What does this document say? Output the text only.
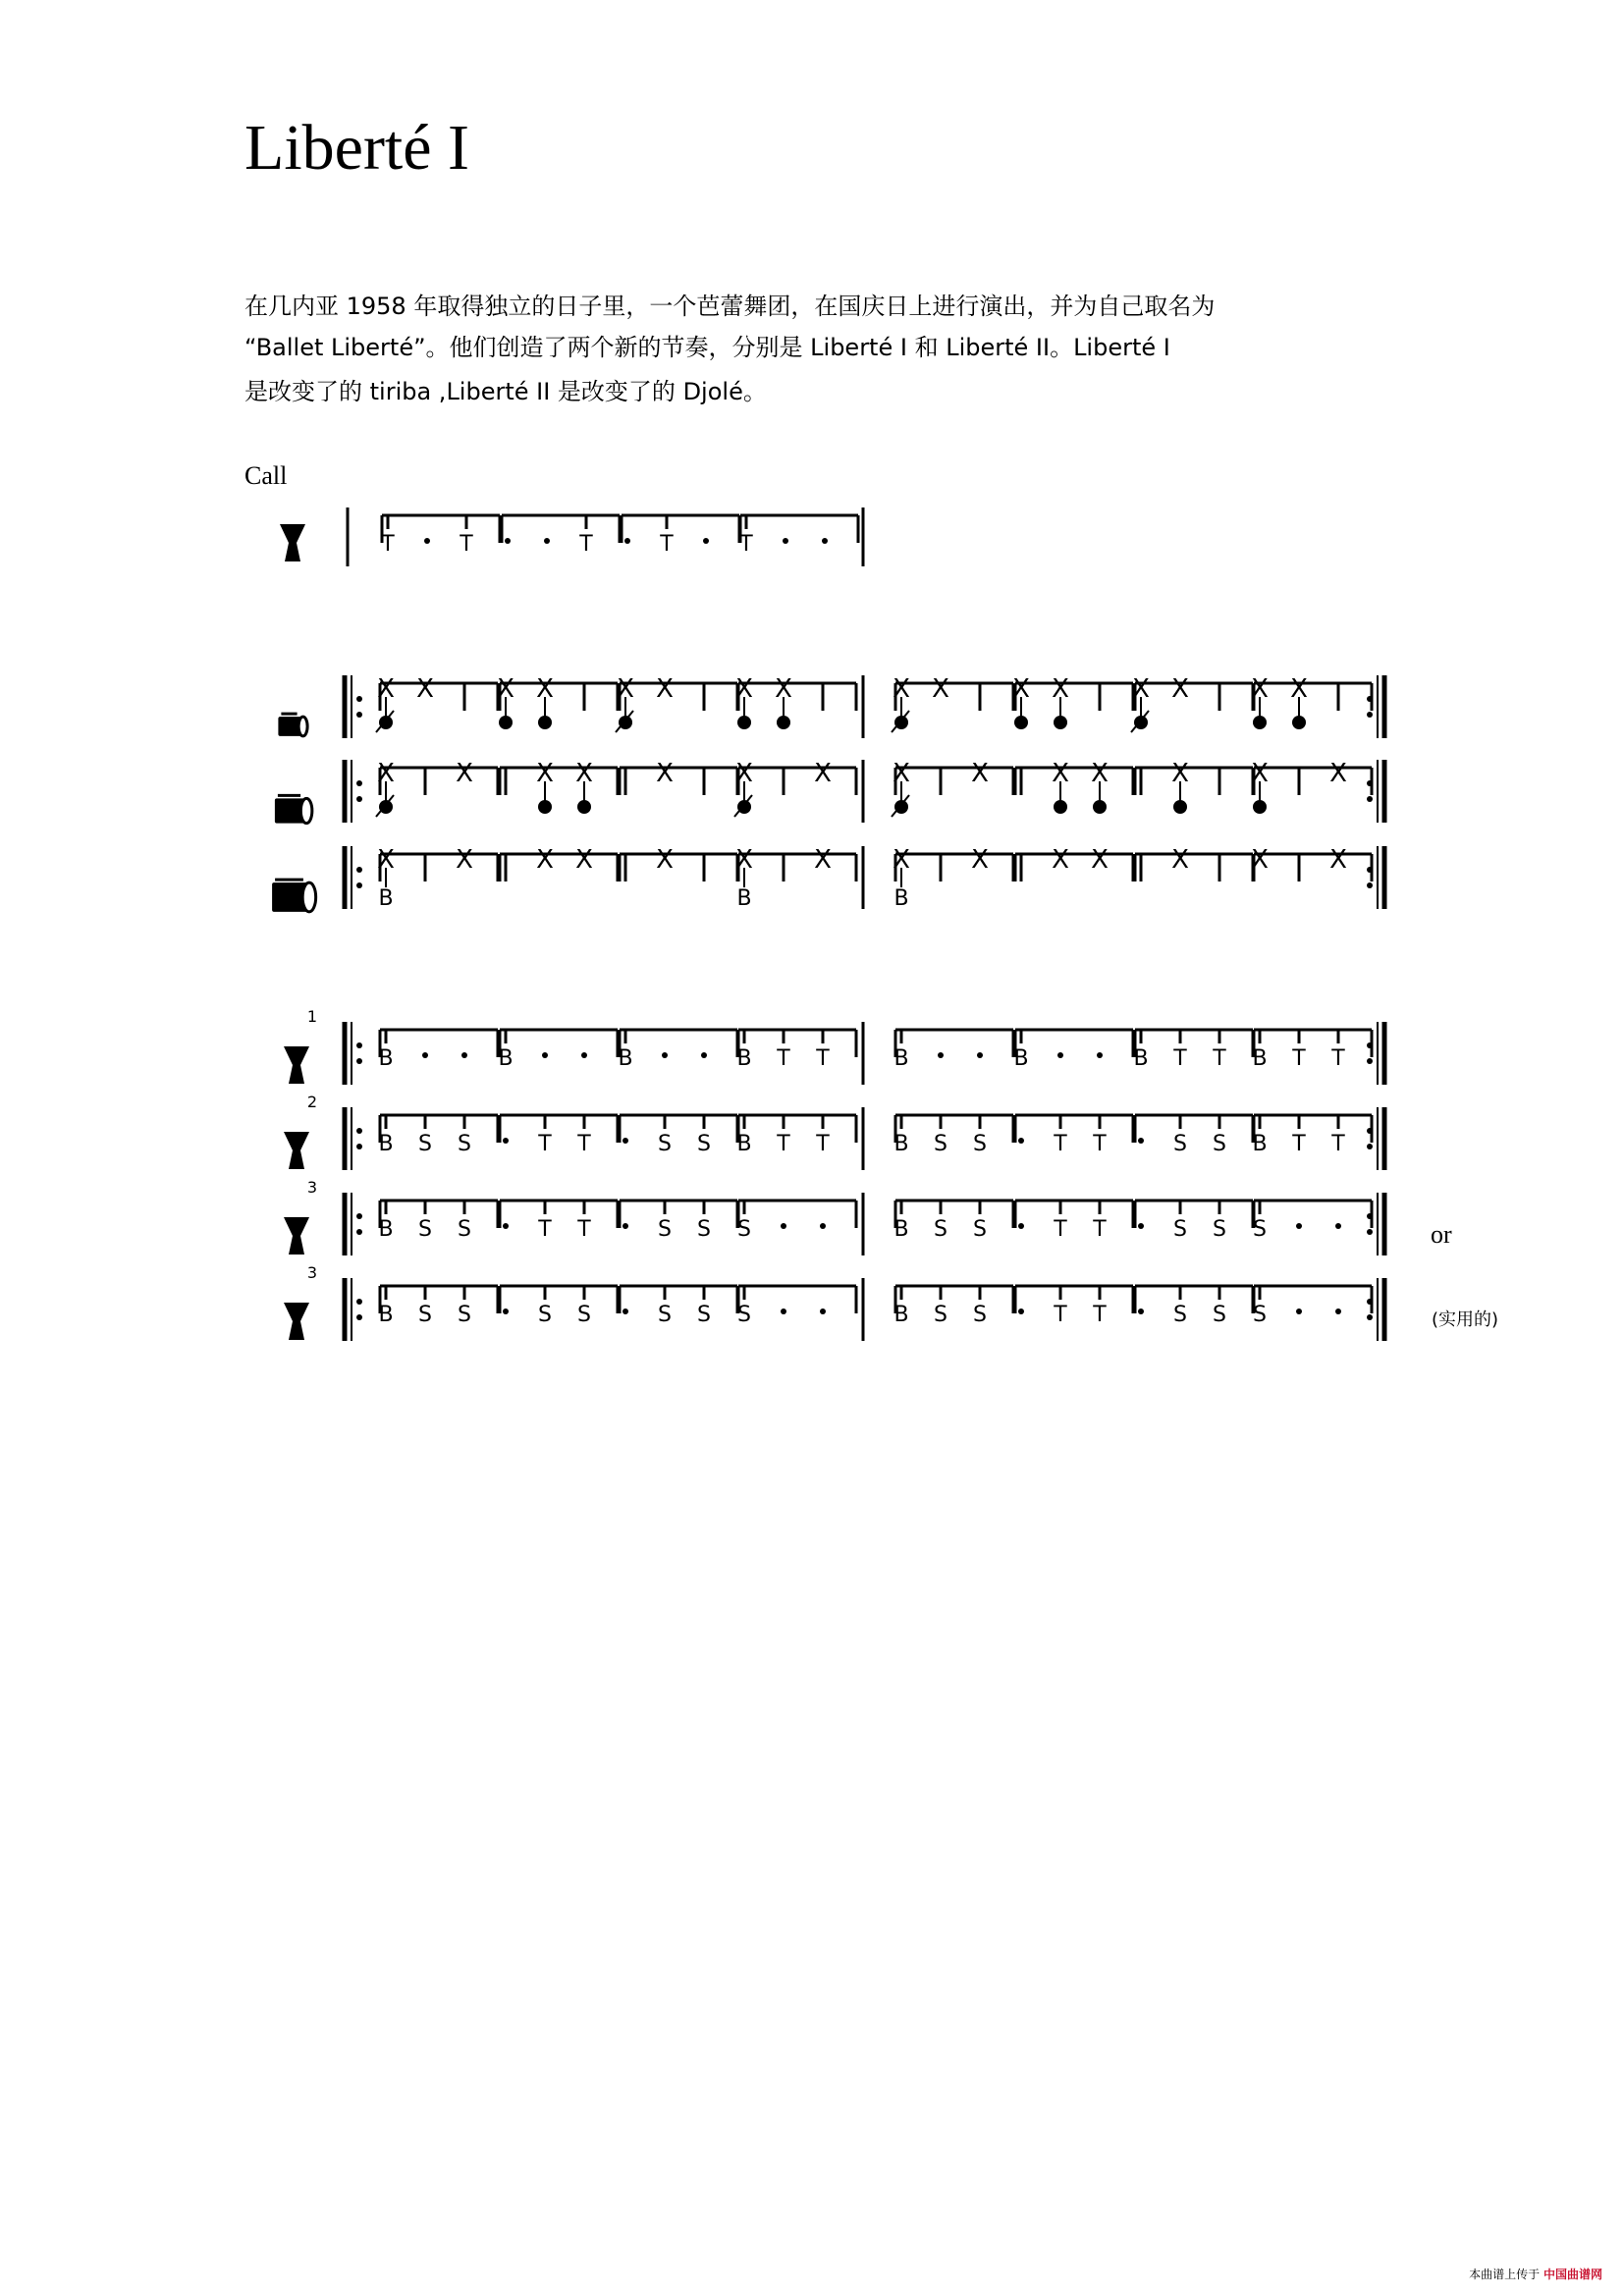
Liberté I
在几内亚 1958 年取得独立的日子里，一个芭蕾舞团，在国庆日上进行演出，并为自己取名为
“Ballet Liberté”。他们创造了两个新的节奏，分别是 Liberté I 和 Liberté II。Liberté I
是改变了的 tiriba ,Liberté II 是改变了的 Djolé。
Call
or
(实用的)
T	T	T	T	T
X X X X X X X X	X X X X X X X X
X X X X X X X X X X X X X X
X
B
X X X X X
B
X X
B
X X X X X X
1
B	B	B	B T T	B	B	B T T B T T
2
B S S	T T	S S B T T	B S S	T T	S S B T T
3
B S S	T T	S S S	B S S	T T	S S S
3
B S S	S S	S S S	B S S	T T	S S S
本曲谱上传于 中国曲谱网
